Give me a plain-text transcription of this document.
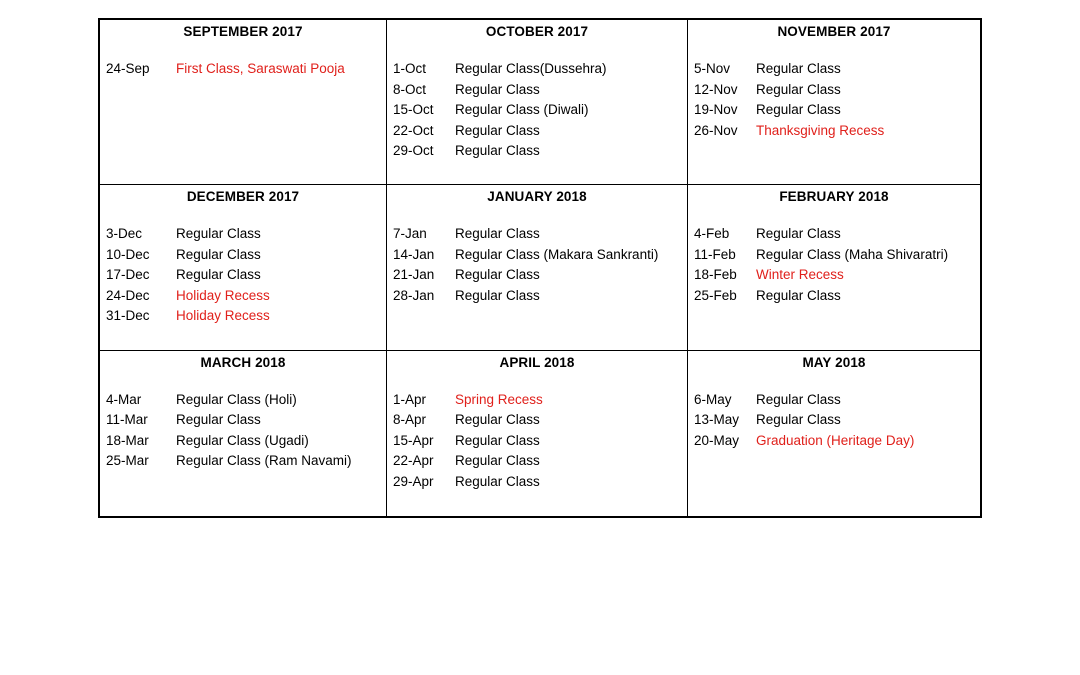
SEPTEMBER 2017
24-Sep	First Class, Saraswati Pooja
OCTOBER 2017
1-Oct	Regular Class(Dussehra)
8-Oct	Regular Class
15-Oct	Regular Class (Diwali)
22-Oct	Regular Class
29-Oct	Regular Class
NOVEMBER 2017
5-Nov	Regular Class
12-Nov	Regular Class
19-Nov	Regular Class
26-Nov	Thanksgiving Recess
DECEMBER 2017
3-Dec	Regular Class
10-Dec	Regular Class
17-Dec	Regular Class
24-Dec	Holiday Recess
31-Dec	Holiday Recess
JANUARY 2018
7-Jan	Regular Class
14-Jan	Regular Class (Makara Sankranti)
21-Jan	Regular Class
28-Jan	Regular Class
FEBRUARY 2018
4-Feb	Regular Class
11-Feb	Regular Class (Maha Shivaratri)
18-Feb	Winter Recess
25-Feb	Regular Class
MARCH 2018
4-Mar	Regular Class (Holi)
11-Mar	Regular Class
18-Mar	Regular Class (Ugadi)
25-Mar	Regular Class (Ram Navami)
APRIL 2018
1-Apr	Spring Recess
8-Apr	Regular Class
15-Apr	Regular Class
22-Apr	Regular Class
29-Apr	Regular Class
MAY 2018
6-May	Regular Class
13-May	Regular Class
20-May	Graduation (Heritage Day)
